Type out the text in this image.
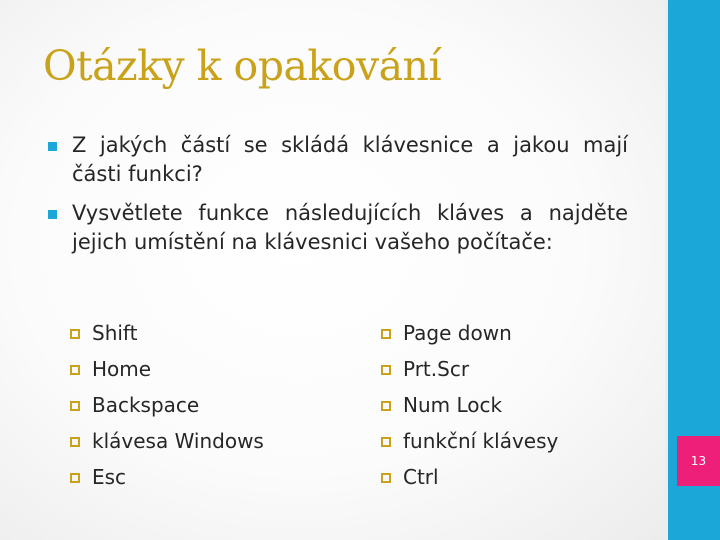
13
Otázky k opakování
Z jakých částí se skládá klávesnice a jakou mají části funkci?
Vysvětlete funkce následujících kláves a najděte jejich umístění na klávesnici vašeho počítače:
Shift
Home
Backspace
klávesa Windows
Esc
Page down
Prt.Scr
Num Lock
funkční klávesy
Ctrl
